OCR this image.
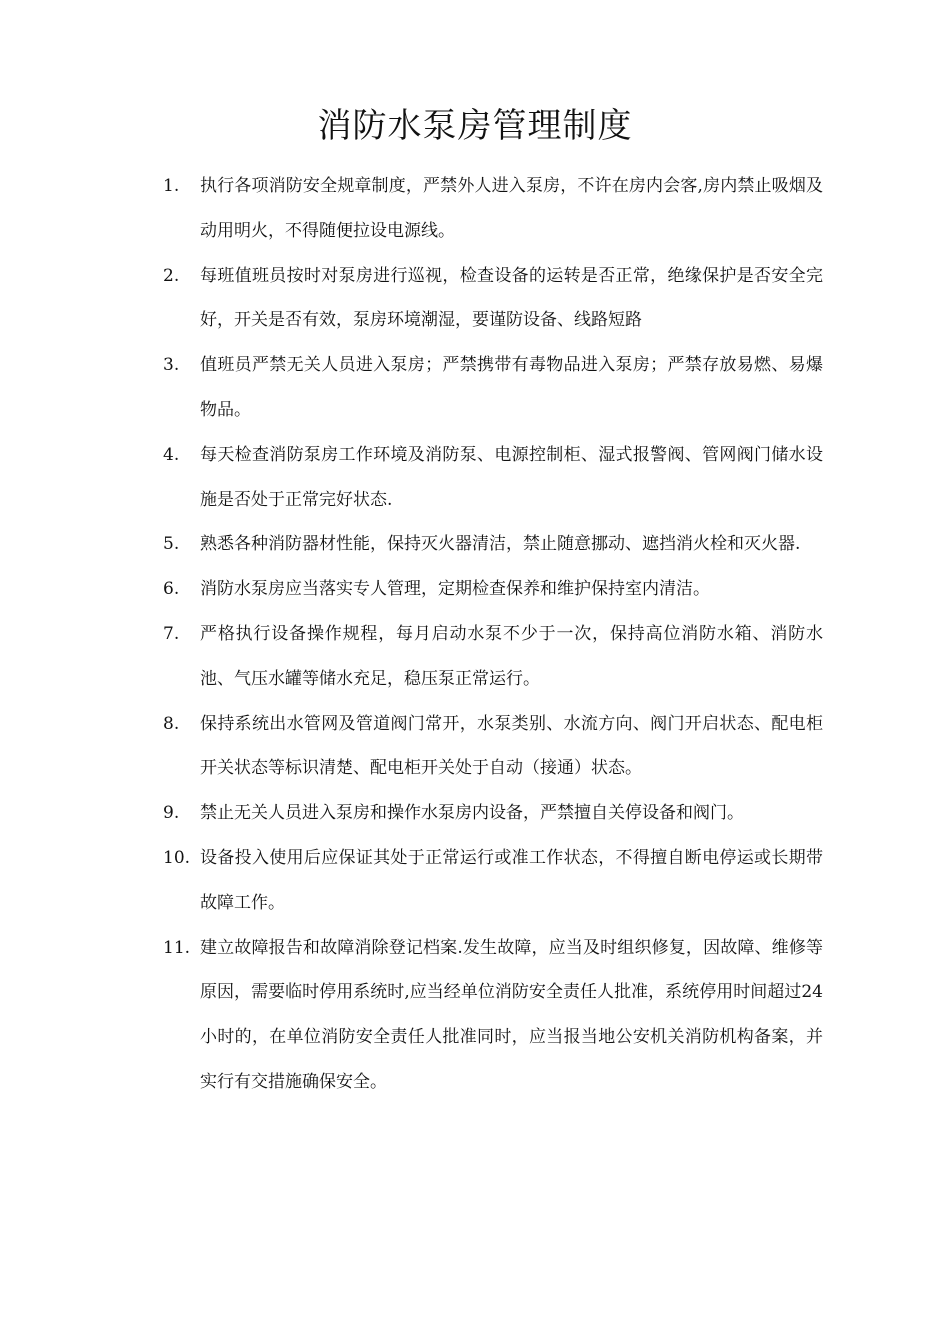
消防水泵房管理制度
1.	执行各项消防安全规章制度，严禁外人进入泵房，不许在房内会客,房内禁止吸烟及动用明火，不得随便拉设电源线。
2.	每班值班员按时对泵房进行巡视，检查设备的运转是否正常，绝缘保护是否安全完好，开关是否有效，泵房环境潮湿，要谨防设备、线路短路
3.	值班员严禁无关人员进入泵房；严禁携带有毒物品进入泵房；严禁存放易燃、易爆物品。
4.	每天检查消防泵房工作环境及消防泵、电源控制柜、湿式报警阀、管网阀门储水设施是否处于正常完好状态.
5.	熟悉各种消防器材性能，保持灭火器清洁，禁止随意挪动、遮挡消火栓和灭火器.
6.	消防水泵房应当落实专人管理，定期检查保养和维护保持室内清洁。
7.	严格执行设备操作规程，每月启动水泵不少于一次，保持高位消防水箱、消防水池、气压水罐等储水充足，稳压泵正常运行。
8.	保持系统出水管网及管道阀门常开，水泵类别、水流方向、阀门开启状态、配电柜开关状态等标识清楚、配电柜开关处于自动（接通）状态。
9.	禁止无关人员进入泵房和操作水泵房内设备，严禁擅自关停设备和阀门。
10. 设备投入使用后应保证其处于正常运行或准工作状态，不得擅自断电停运或长期带故障工作。
11. 建立故障报告和故障消除登记档案.发生故障，应当及时组织修复，因故障、维修等原因，需要临时停用系统时,应当经单位消防安全责任人批准，系统停用时间超过24小时的，在单位消防安全责任人批准同时，应当报当地公安机关消防机构备案，并实行有交措施确保安全。
